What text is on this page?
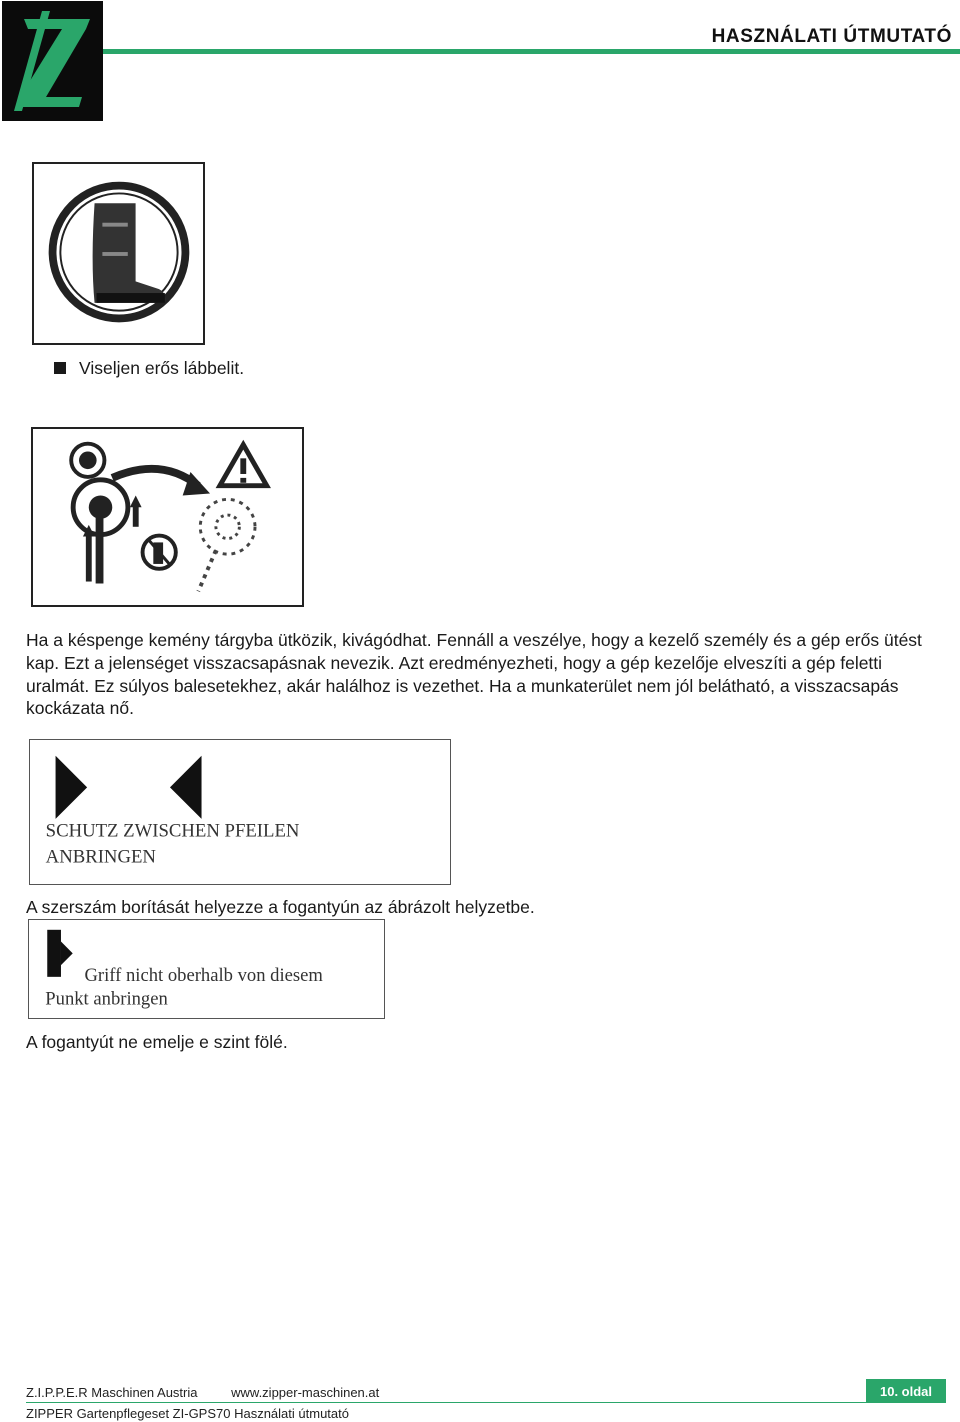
HASZNÁLATI ÚTMUTATÓ
Viseljen erős lábbelit.
Ha a késpenge kemény tárgyba ütközik, kivágódhat. Fennáll a veszélye, hogy a kezelő személy és a gép erős ütést kap. Ezt a jelenséget visszacsapásnak nevezik. Azt eredményezheti, hogy a gép kezelője elveszíti a gép feletti uralmát. Ez súlyos balesetekhez, akár halálhoz is vezethet. Ha a munkaterület nem jól belátható, a visszacsapás kockázata nő.
SCHUTZ ZWISCHEN PFEILEN
ANBRINGEN
A szerszám borítását helyezze a fogantyún az ábrázolt helyzetbe.
Griff nicht oberhalb von diesem
Punkt anbringen
A fogantyút ne emelje e szint fölé.
Z.I.P.P.E.R Maschinen Austria	www.zipper-maschinen.at
ZIPPER Gartenpflegeset ZI-GPS70 Használati útmutató
10. oldal
